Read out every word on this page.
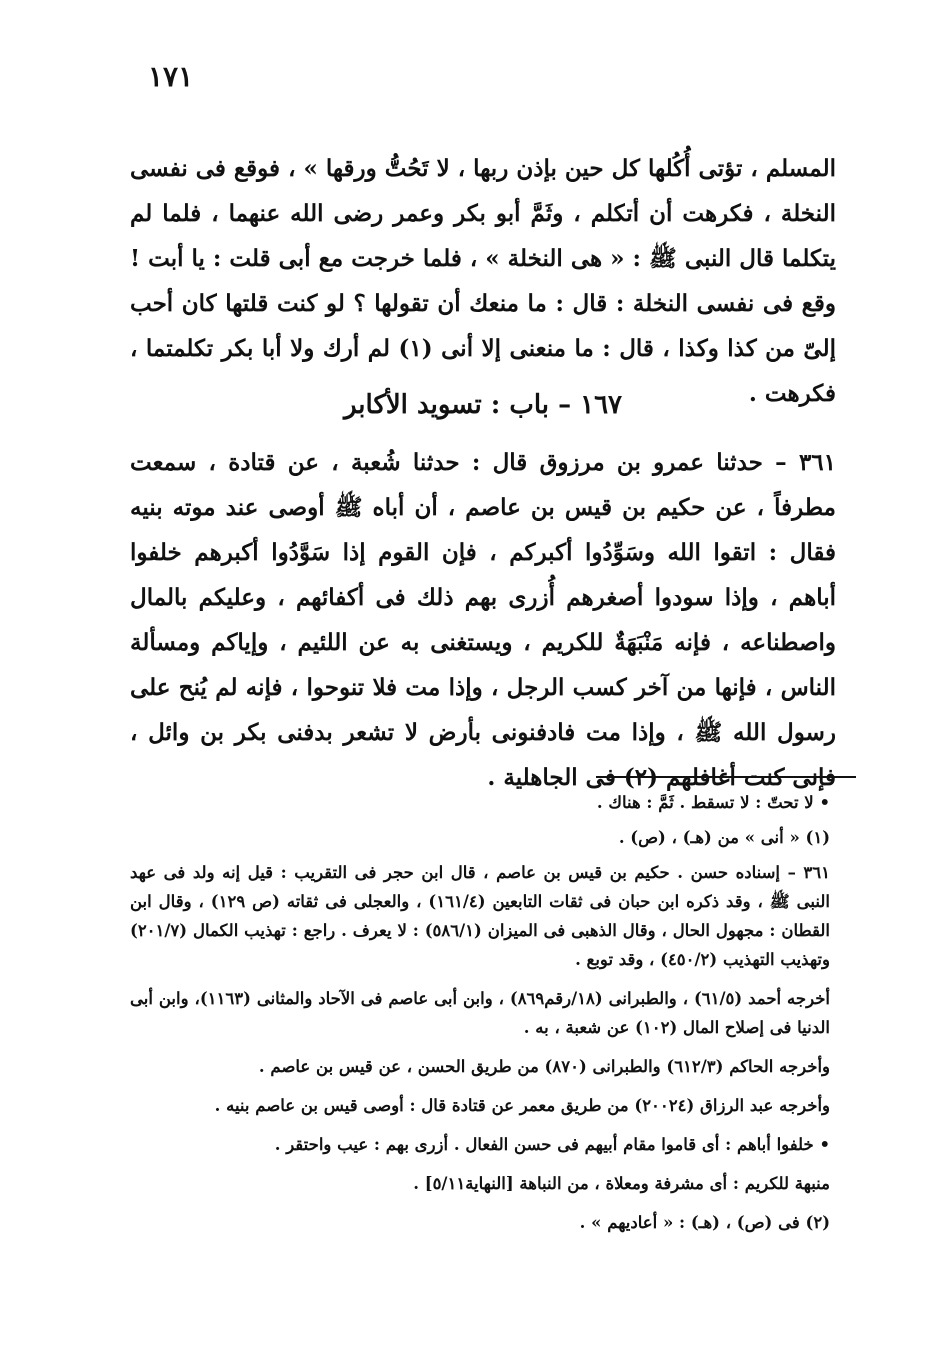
١٧١

المسلم ، تؤتى أُكُلها كل حين بإذن ربها ، لا تَحُتُّ ورقها » ، فوقع فى نفسى النخلة ، فكرهت أن أتكلم ، وثَمَّ أبو بكر وعمر رضى الله عنهما ، فلما لم يتكلما قال النبى ﷺ : « هى النخلة » ، فلما خرجت مع أبى قلت : يا أبت ! وقع فى نفسى النخلة : قال : ما منعك أن تقولها ؟ لو كنت قلتها كان أحب إلىّ من كذا وكذا ، قال : ما منعنى إلا أنى (١) لم أرك ولا أبا بكر تكلمتما ، فكرهت .

١٦٧ – باب : تسويد الأكابر

٣٦١ – حدثنا عمرو بن مرزوق قال : حدثنا شُعبة ، عن قتادة ، سمعت مطرفاً ، عن حكيم بن قيس بن عاصم ، أن أباه ﷺ أوصى عند موته بنيه فقال : اتقوا الله وسَوِّدُوا أكبركم ، فإن القوم إذا سَوَّدُوا أكبرهم خلفوا أباهم ، وإذا سودوا أصغرهم أُزرى بهم ذلك فى أكفائهم ، وعليكم بالمال واصطناعه ، فإنه مَنْبَهَةٌ للكريم ، ويستغنى به عن اللئيم ، وإياكم ومسألة الناس ، فإنها من آخر كسب الرجل ، وإذا مت فلا تنوحوا ، فإنه لم يُنح على رسول الله ﷺ ، وإذا مت فادفنونى بأرض لا تشعر بدفنى بكر بن وائل ، فإنى كنت أغافلهم (٢) فى الجاهلية .

• لا تحتّ : لا تسقط . ثَمَّ : هناك .

(١) « أنى » من (هـ) ، (ص) .

٣٦١ – إسناده حسن . حكيم بن قيس بن عاصم ، قال ابن حجر فى التقريب : قيل إنه ولد فى عهد النبى ﷺ ، وقد ذكره ابن حبان فى ثقات التابعين (١٦١/٤) ، والعجلى فى ثقاته (ص ١٢٩) ، وقال ابن القطان : مجهول الحال ، وقال الذهبى فى الميزان (٥٨٦/١) : لا يعرف . راجع : تهذيب الكمال (٢٠١/٧) وتهذيب التهذيب (٤٥٠/٢) ، وقد توبع .

أخرجه أحمد (٦١/٥) ، والطبرانى (١٨/رقم٨٦٩) ، وابن أبى عاصم فى الآحاد والمثانى (١١٦٣)، وابن أبى الدنيا فى إصلاح المال (١٠٢) عن شعبة ، به .

وأخرجه الحاكم (٦١٢/٣) والطبرانى (٨٧٠) من طريق الحسن ، عن قيس بن عاصم .

وأخرجه عبد الرزاق (٢٠٠٢٤) من طريق معمر عن قتادة قال : أوصى قيس بن عاصم بنيه .

• خلفوا أباهم : أى قاموا مقام أبيهم فى حسن الفعال . أزرى بهم : عيب واحتقر .

منبهة للكريم : أى مشرفة ومعلاة ، من النباهة [النهاية٥/١١] .

(٢) فى (ص) ، (هـ) : « أعاديهم » .
